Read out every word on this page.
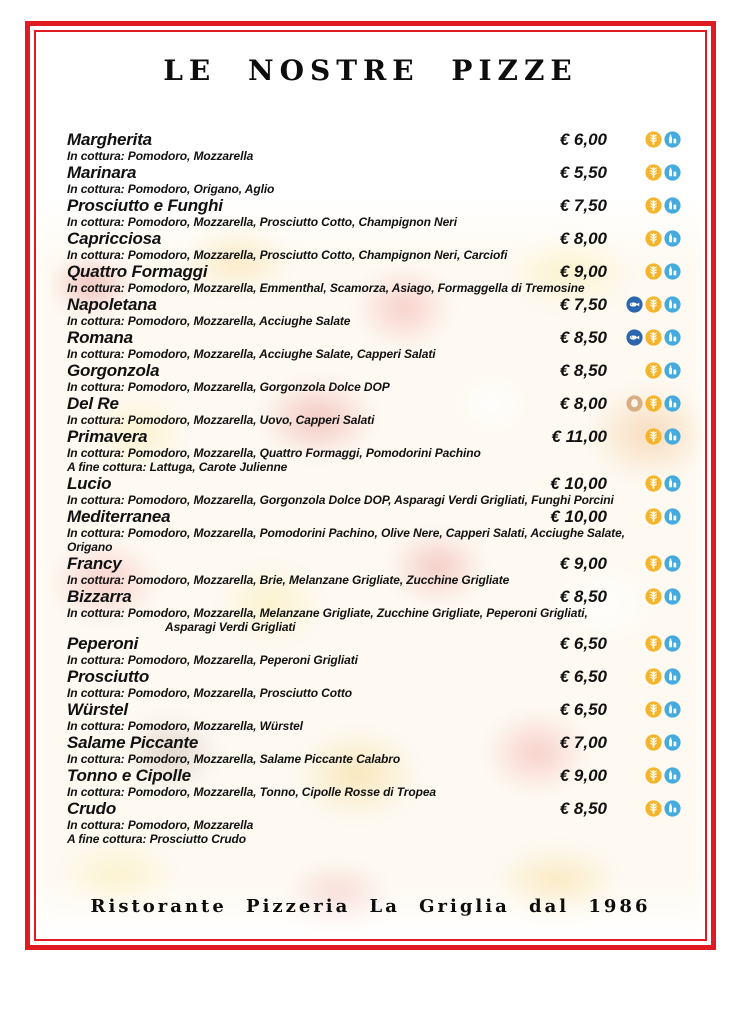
LE NOSTRE PIZZE
Margherita	€ 6,00
In cottura: Pomodoro, Mozzarella
Marinara	€ 5,50
In cottura: Pomodoro, Origano, Aglio
Prosciutto e Funghi	€ 7,50
In cottura: Pomodoro, Mozzarella, Prosciutto Cotto, Champignon Neri
Capricciosa	€ 8,00
In cottura: Pomodoro, Mozzarella, Prosciutto Cotto, Champignon Neri, Carciofi
Quattro Formaggi	€ 9,00
In cottura: Pomodoro, Mozzarella, Emmenthal, Scamorza, Asiago, Formaggella di Tremosine
Napoletana	€ 7,50
In cottura: Pomodoro, Mozzarella, Acciughe Salate
Romana	€ 8,50
In cottura: Pomodoro, Mozzarella, Acciughe Salate, Capperi Salati
Gorgonzola	€ 8,50
In cottura: Pomodoro, Mozzarella, Gorgonzola Dolce DOP
Del Re	€ 8,00
In cottura: Pomodoro, Mozzarella, Uovo, Capperi Salati
Primavera	€ 11,00
In cottura: Pomodoro, Mozzarella, Quattro Formaggi, Pomodorini Pachino
A fine cottura: Lattuga, Carote Julienne
Lucio	€ 10,00
In cottura: Pomodoro, Mozzarella, Gorgonzola Dolce DOP, Asparagi Verdi Grigliati, Funghi Porcini
Mediterranea	€ 10,00
In cottura: Pomodoro, Mozzarella, Pomodorini Pachino, Olive Nere, Capperi Salati, Acciughe Salate,
Origano
Francy	€ 9,00
In cottura: Pomodoro, Mozzarella, Brie, Melanzane Grigliate, Zucchine Grigliate
Bizzarra	€ 8,50
In cottura: Pomodoro, Mozzarella, Melanzane Grigliate, Zucchine Grigliate, Peperoni Grigliati,
Asparagi Verdi Grigliati
Peperoni	€ 6,50
In cottura: Pomodoro, Mozzarella, Peperoni Grigliati
Prosciutto	€ 6,50
In cottura: Pomodoro, Mozzarella, Prosciutto Cotto
Würstel	€ 6,50
In cottura: Pomodoro, Mozzarella, Würstel
Salame Piccante	€ 7,00
In cottura: Pomodoro, Mozzarella, Salame Piccante Calabro
Tonno e Cipolle	€ 9,00
In cottura: Pomodoro, Mozzarella, Tonno, Cipolle Rosse di Tropea
Crudo	€ 8,50
In cottura: Pomodoro, Mozzarella
A fine cottura: Prosciutto Crudo
Ristorante Pizzeria La Griglia dal 1986
